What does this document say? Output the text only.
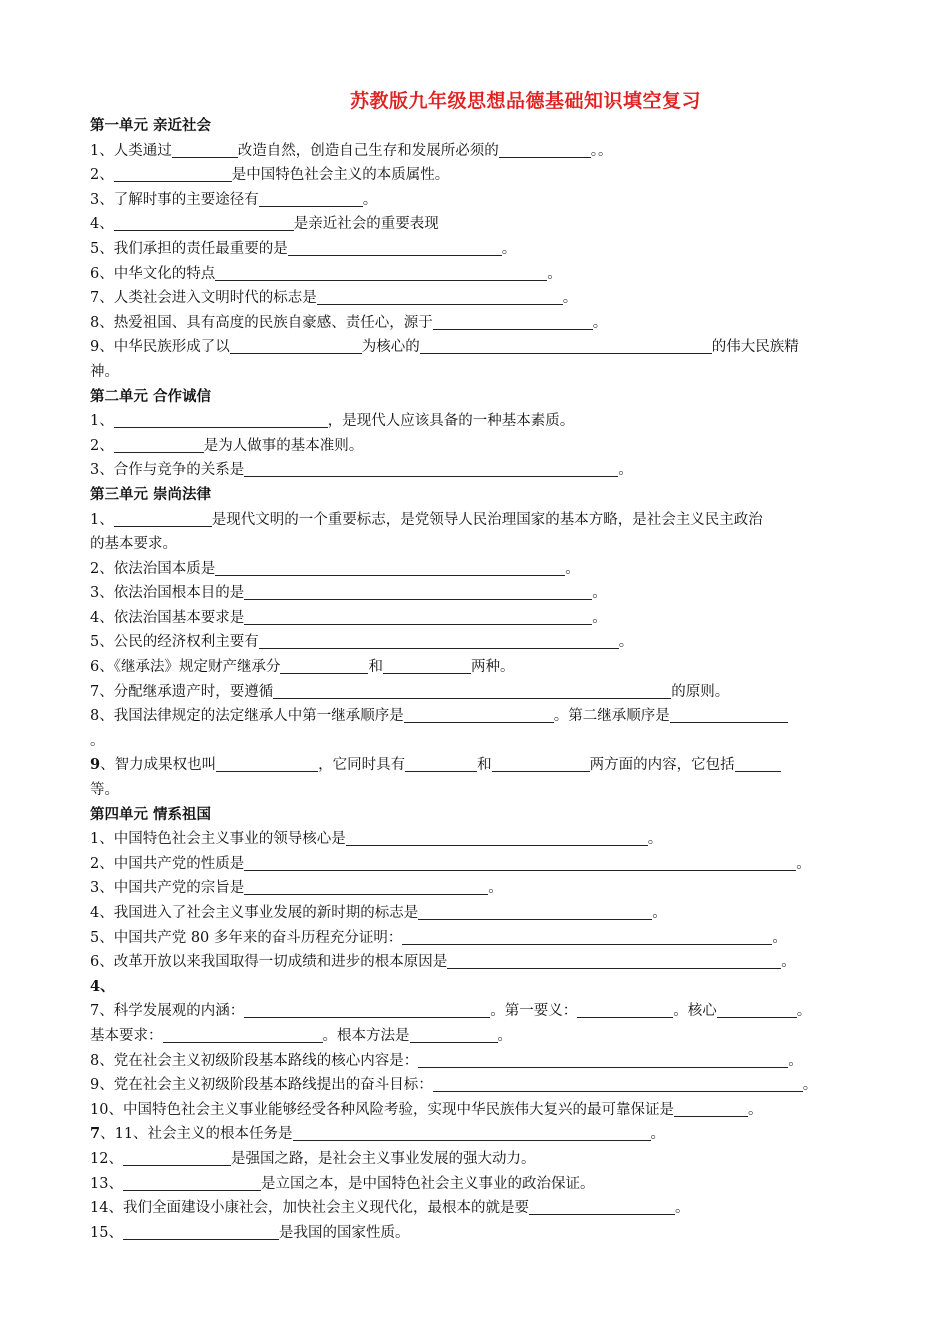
苏教版九年级思想品德基础知识填空复习
第一单元 亲近社会
1、人类通过	改造自然，创造自己生存和发展所必须的	。。
2、	是中国特色社会主义的本质属性。
3、了解时事的主要途径有	。
4、	是亲近社会的重要表现
5、我们承担的责任最重要的是	。
6、中华文化的特点	。
7、人类社会进入文明时代的标志是	。
8、热爱祖国、具有高度的民族自豪感、责任心，源于	。
9、中华民族形成了以	为核心的	的伟大民族精
神。
第二单元 合作诚信
1、	，是现代人应该具备的一种基本素质。
2、	是为人做事的基本准则。
3、合作与竞争的关系是	。
第三单元 崇尚法律
1、	是现代文明的一个重要标志，是党领导人民治理国家的基本方略，是社会主义民主政治
的基本要求。
2、依法治国本质是	。
3、依法治国根本目的是	。
4、依法治国基本要求是	。
5、公民的经济权利主要有	。
6、《继承法》规定财产继承分	和	两种。
7、分配继承遗产时，要遵循	的原则。
8、我国法律规定的法定继承人中第一继承顺序是	。第二继承顺序是
。
9、智力成果权也叫	，它同时具有	和	两方面的内容，它包括
等。
第四单元 情系祖国
1、中国特色社会主义事业的领导核心是	。
2、中国共产党的性质是	。
3、中国共产党的宗旨是	。
4、我国进入了社会主义事业发展的新时期的标志是	。
5、中国共产党 80 多年来的奋斗历程充分证明：	。
6、改革开放以来我国取得一切成绩和进步的根本原因是	。
4、
7、科学发展观的内涵：	。第一要义：	。核心	。
基本要求：	。根本方法是	。
8、党在社会主义初级阶段基本路线的核心内容是：	。
9、党在社会主义初级阶段基本路线提出的奋斗目标：	。
10、中国特色社会主义事业能够经受各种风险考验，实现中华民族伟大复兴的最可靠保证是	。
7、11、社会主义的根本任务是	。
12、	是强国之路，是社会主义事业发展的强大动力。
13、	是立国之本，是中国特色社会主义事业的政治保证。
14、我们全面建设小康社会，加快社会主义现代化，最根本的就是要	。
15、	是我国的国家性质。
